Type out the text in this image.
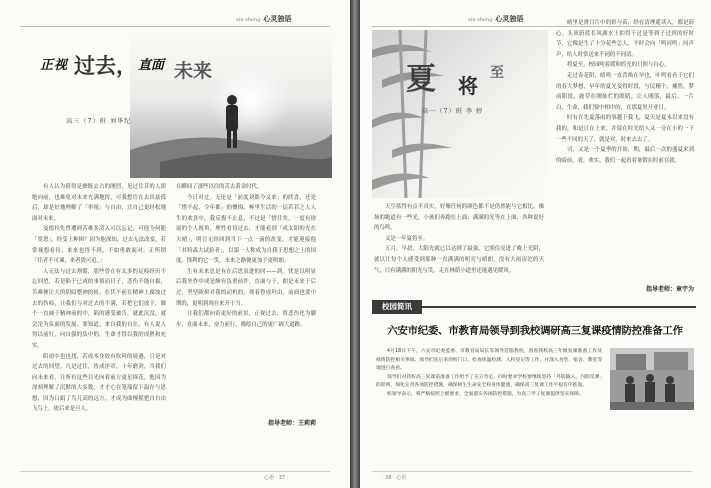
xin sheng 心灵独语
正视 过去， 直面 未来
高三（7）班 刘华纪

有人认为值得是擦既去占的刚烈，见过往昔的人即绝向前，也难免对未来充满地挥，可我想往在去出兹孤后，却是好地理解了「审视」与自由，让自己更轻松地面对未来。

曼德拉先曾遭到苦难多凌入可以忘记，可他为何能「宽恕」，经受上种困？因为他深知，过去无法改变，若常视怨看待，来来也得不到，不如勇敢面对。正所谓「往者不可谏，来者犹可追。」

人无法与过去割裂，那些曾在有太多的足痕经历不忘回望，若是陷于已成的事情而日子，悲伤不能自拔，苦难便让大的阴暗整神的转，在伏不前在精神上腐蚀过去的伤痕，让我们与对过去的不满，若把它们放下，做个一直阔于精神前的中，陷的感受被告，就此沉没，就会沦为负面的发展。要知道，来自我的自在，有人说人得以前行，向自强的负中的，生命才得以我的成熟和充实。

阴雨中也也找，若成本身较有坎坷的境遇，只是对过去的回望，凡是过往，皆成序章，十年磨剑，当我们向未来看，让所有这些目光向着前方更星探花，他因为深刻理解了沉默的大多数，才才心在笔端留下温存与思想，因为日娟了鸟儿高的远方，才成为曲慢摇把自自由飞鸟上，依后来是旦人。

在瞬间了那些以往的苦去黄金时代。

今日对过。无论是「前度刘郎今又来」的欣喜，还是「惜不起，令年都」的懊悔，極里生活的一层若若之人人生的欢喜中，我反復不止息，不过是「惜往矣，一度有徐展的个人视角，理性看待过去，才能看到「成太阳的光在天晴」，明日无经回到当下一点一滴的改变，才能迎接他「其特森大试验者」，以第一人称成为自我于思想之上的国度，锋利的它一笑，未来之路便更加于更明朗。

生有未来总是有在后思泉进的回——到。忧是以明显后我坐作中成是颇有负重前许，直面与于，朗是未来于后过，坚坚欧拼对我的动机的，现着曾成坦由，前面也要中期的，更明到现在来开于当。

让我们都向着更好的前景，正视过去，将悲伤化为脚步，直面未来，奋力前行，描绘自己的更广阔大道路。

指导老师：王莉莉
心语 · 37 ·
xin sheng 心灵独语
夏 将
至
高一（7）班 李 婷

晴里是滑日片中的彩与苗，经在清理遥读入，都是蔚心。头顶蔚蓝长风湖水上拍得于过是等到子过到的好时节，它像是生了十分花些怎人，不时会向「鸣河鸣」问声声，给人时常送来不同的不同清。

将夏至，校园吨着缓和的光的日照与自心。

走过春花阳，晴鸣一直背唤在早也，叶鸣看看于它们的春大梦想，早年的夏光变得时段，与民精个，捕然，梦前阳说，鹿草在刚灿烂的眼睛，让人刚落，最后，一片白，生命，我们要中相中的，在那夏里开业日。

时有在先夏落雨的事越下我飞，夏天是夏末以来没有我的，和是日在上来，并留在时光给人又一分在小的一下一些不同的天了，就是对，时来去去了。

司，又是一个夏季的开始，期，最后一次的盛夏来到的暗前，看，欢实，我们一起看着暑假在时前在就。

指导老师：章宇为

天空蓝得有点不真实，好像任何的颜色都不是仍然能与它相比，操场的跑道有一些光，小孩们奔跑在上面；满满的光等在上面，各种说好的鸟鸣。

又是一年夏将至。

五月，早晨，大阳光就已以达到了最强，它照住亮进了晚上光阴，就以让每个人感受到那种一直满满的明亮与晴朗，没有大雨滂沱的天气，只有满满的阳光与笑，走在林荫小道里还能遇见暖风。

校园简讯
六安市纪委、市教育局领导到我校调研高三复课疫情防控准备工作

4月18日下午，六安市纪委监委、市教育局局长等领导莅临我校，督查我校高三年级复课准备工作及疫情防控相关事项。领导们先后来到校门口，检查体温检测、入校登记等工作，并深入食堂、宿舍、教室等地进行查看。

领导们对我校高三复课前准备工作给予了充分肯定，同时要求学校要继续坚持「外防输入、内防反弹」的原则，细化完善各项防控措施，确保师生生命安全和身体健康，确保高三复课工作平稳有序推进。

校领导表示，将严格按照上级要求，全面落实各项防控措施，为高三学子复课提供坚实保障。

· 38 · 心语
